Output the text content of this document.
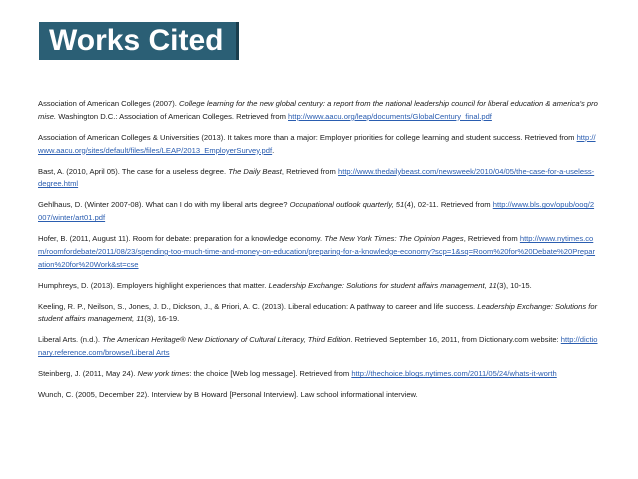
Works Cited

Association of American Colleges (2007). College learning for the new global century: a report from the national leadership council for liberal education & america's promise. Washington D.C.: Association of American Colleges. Retrieved from http://www.aacu.org/leap/documents/GlobalCentury_final.pdf

Association of American Colleges & Universities (2013). It takes more than a major: Employer priorities for college learning and student success. Retrieved from http://www.aacu.org/sites/default/files/files/LEAP/2013_EmployerSurvey.pdf.

Bast, A. (2010, April 05). The case for a useless degree. The Daily Beast, Retrieved from http://www.thedailybeast.com/newsweek/2010/04/05/the-case-for-a-useless-degree.html

Gehlhaus, D. (Winter 2007-08). What can I do with my liberal arts degree? Occupational outlook quarterly, 51(4), 02-11. Retrieved from http://www.bls.gov/opub/ooq/2007/winter/art01.pdf

Hofer, B. (2011, August 11). Room for debate: preparation for a knowledge economy. The New York Times: The Opinion Pages, Retrieved from http://www.nytimes.com/roomfordebate/2011/08/23/spending-too-much-time-and-money-on-education/preparing-for-a-knowledge-economy?scp=1&sq=Room%20for%20Debate%20Preparation%20for%20Work&st=cse

Humphreys, D. (2013). Employers highlight experiences that matter. Leadership Exchange: Solutions for student affairs management, 11(3), 10-15.

Keeling, R. P., Neilson, S., Jones, J. D., Dickson, J., & Priori, A. C. (2013). Liberal education: A pathway to career and life success. Leadership Exchange: Solutions for student affairs management, 11(3), 16-19.

Liberal Arts. (n.d.). The American Heritage® New Dictionary of Cultural Literacy, Third Edition. Retrieved September 16, 2011, from Dictionary.com website: http://dictionary.reference.com/browse/Liberal Arts

Steinberg, J. (2011, May 24). New york times: the choice [Web log message]. Retrieved from http://thechoice.blogs.nytimes.com/2011/05/24/whats-it-worth

Wunch, C. (2005, December 22). Interview by B Howard [Personal Interview]. Law school informational interview.
